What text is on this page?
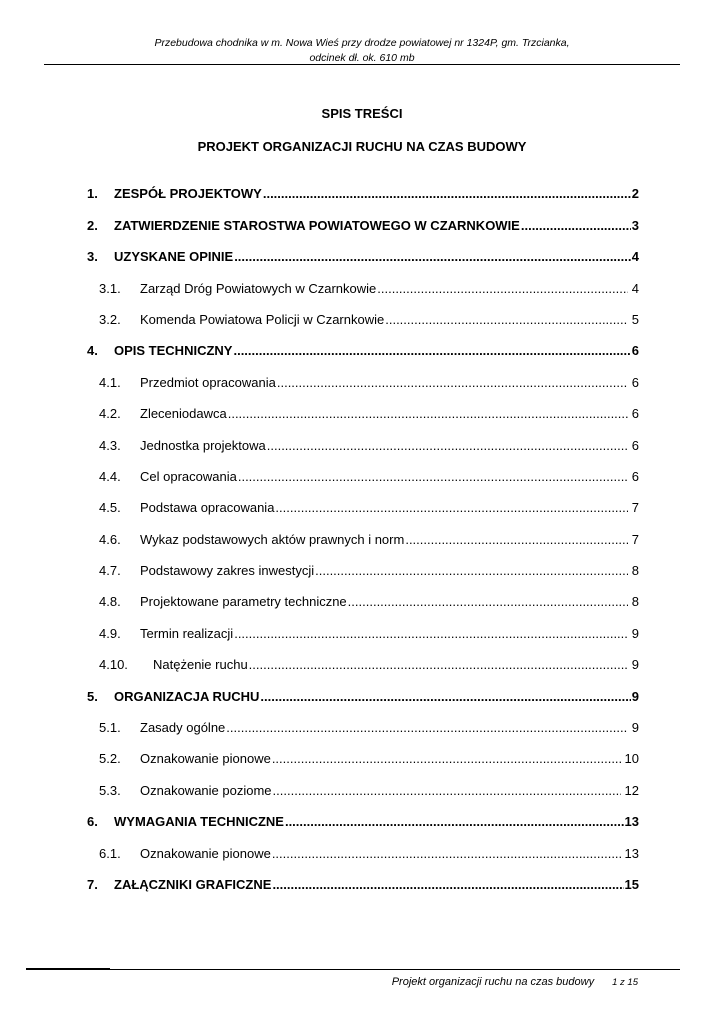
Przebudowa chodnika w m. Nowa Wieś przy drodze powiatowej nr 1324P, gm. Trzcianka,
odcinek dł. ok. 610 mb
SPIS TREŚCI
PROJEKT ORGANIZACJI RUCHU NA CZAS BUDOWY
1.	ZESPÓŁ PROJEKTOWY .....	2
2.	ZATWIERDZENIE STAROSTWA POWIATOWEGO W CZARNKOWIE .....	3
3.	UZYSKANE OPINIE .....	4
3.1.	Zarząd Dróg Powiatowych w Czarnkowie .....	4
3.2.	Komenda Powiatowa Policji w Czarnkowie .....	5
4.	OPIS TECHNICZNY .....	6
4.1.	Przedmiot opracowania .....	6
4.2.	Zleceniodawca .....	6
4.3.	Jednostka projektowa .....	6
4.4.	Cel opracowania .....	6
4.5.	Podstawa opracowania .....	7
4.6.	Wykaz podstawowych aktów prawnych i norm .....	7
4.7.	Podstawowy zakres inwestycji .....	8
4.8.	Projektowane parametry techniczne .....	8
4.9.	Termin realizacji .....	9
4.10.	Natężenie ruchu .....	9
5.	ORGANIZACJA RUCHU .....	9
5.1.	Zasady ogólne .....	9
5.2.	Oznakowanie pionowe .....	10
5.3.	Oznakowanie poziome .....	12
6.	WYMAGANIA TECHNICZNE .....	13
6.1.	Oznakowanie pionowe .....	13
7.	ZAŁĄCZNIKI GRAFICZNE .....	15
Projekt organizacji ruchu na czas budowy 1 z 15
